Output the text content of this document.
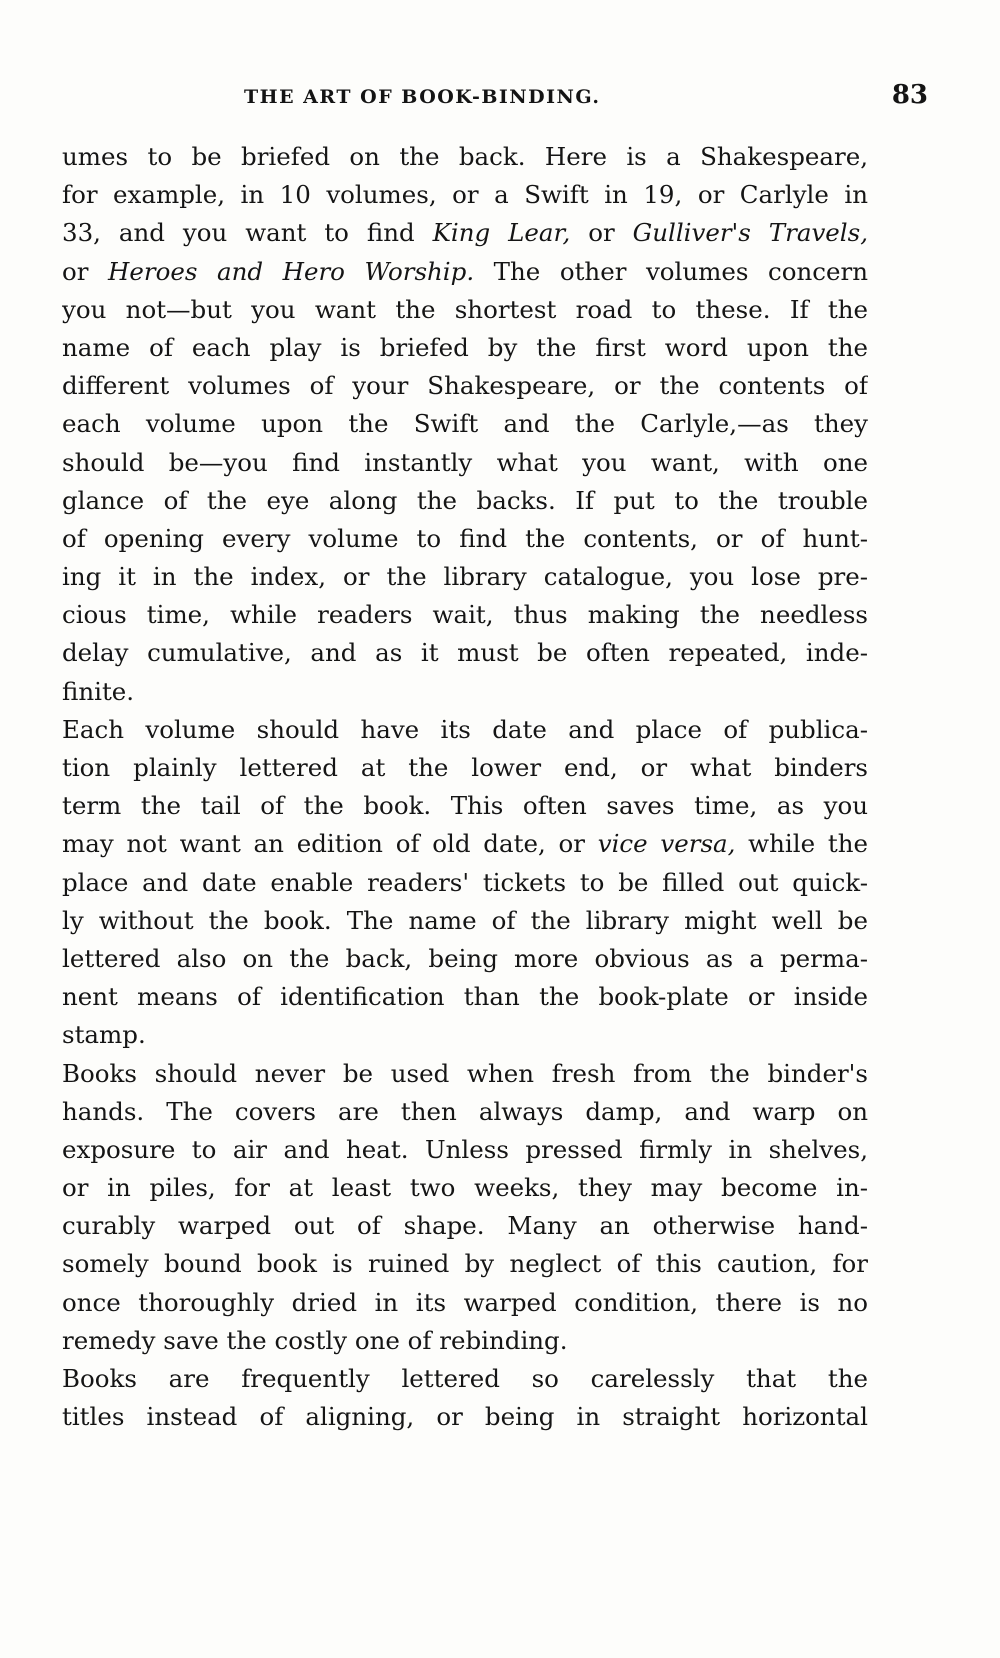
THE ART OF BOOK-BINDING.	83
umes to be briefed on the back. Here is a Shakespeare,
for example, in 10 volumes, or a Swift in 19, or Carlyle in
33, and you want to find King Lear, or Gulliver's Travels,
or Heroes and Hero Worship. The other volumes concern
you not—but you want the shortest road to these. If the
name of each play is briefed by the first word upon the
different volumes of your Shakespeare, or the contents of
each volume upon the Swift and the Carlyle,—as they
should be—you find instantly what you want, with one
glance of the eye along the backs. If put to the trouble
of opening every volume to find the contents, or of hunt-
ing it in the index, or the library catalogue, you lose pre-
cious time, while readers wait, thus making the needless
delay cumulative, and as it must be often repeated, inde-
finite.
Each volume should have its date and place of publica-
tion plainly lettered at the lower end, or what binders
term the tail of the book. This often saves time, as you
may not want an edition of old date, or vice versa, while the
place and date enable readers' tickets to be filled out quick-
ly without the book. The name of the library might well be
lettered also on the back, being more obvious as a perma-
nent means of identification than the book-plate or inside
stamp.
Books should never be used when fresh from the binder's
hands. The covers are then always damp, and warp on
exposure to air and heat. Unless pressed firmly in shelves,
or in piles, for at least two weeks, they may become in-
curably warped out of shape. Many an otherwise hand-
somely bound book is ruined by neglect of this caution, for
once thoroughly dried in its warped condition, there is no
remedy save the costly one of rebinding.
Books are frequently lettered so carelessly that the
titles instead of aligning, or being in straight horizontal
